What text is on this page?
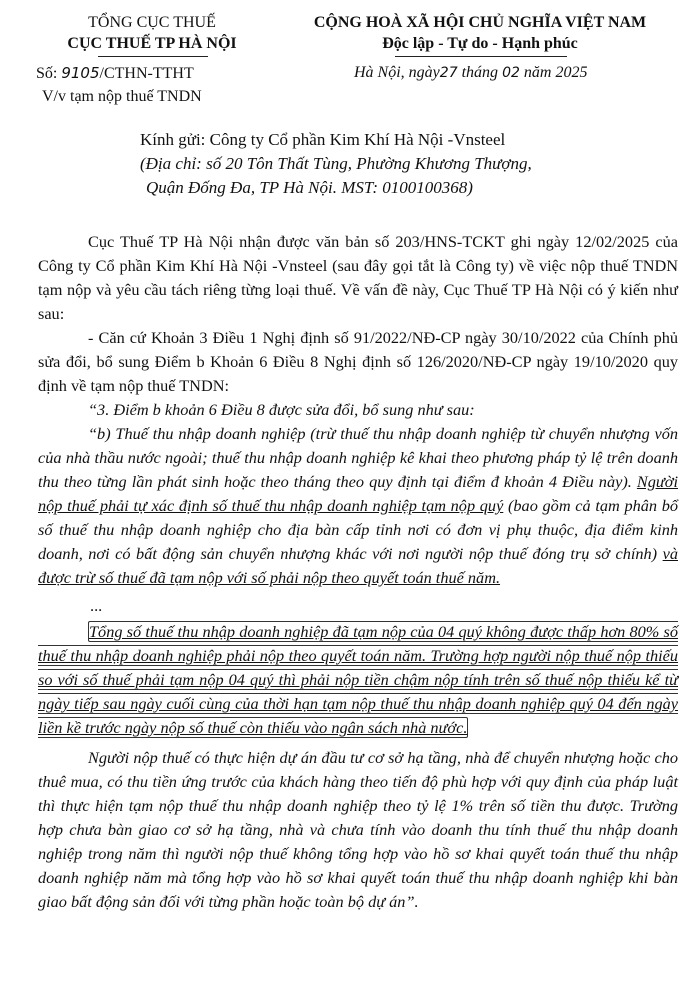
TỔNG CỤC THUẾ
CỤC THUẾ TP HÀ NỘI
Số: 9105/CTHN-TTHT
V/v tạm nộp thuế TNDN
CỘNG HOÀ XÃ HỘI CHỦ NGHĨA VIỆT NAM
Độc lập - Tự do - Hạnh phúc
Hà Nội, ngày27 tháng 02 năm 2025
Kính gửi: Công ty Cổ phần Kim Khí Hà Nội -Vnsteel
(Địa chỉ: số 20 Tôn Thất Tùng, Phường Khương Thượng,
Quận Đống Đa, TP Hà Nội. MST: 0100100368)

Cục Thuế TP Hà Nội nhận được văn bản số 203/HNS-TCKT ghi ngày 12/02/2025 của Công ty Cổ phần Kim Khí Hà Nội -Vnsteel (sau đây gọi tắt là Công ty) về việc nộp thuế TNDN tạm nộp và yêu cầu tách riêng từng loại thuế. Về vấn đề này, Cục Thuế TP Hà Nội có ý kiến như sau:

- Căn cứ Khoản 3 Điều 1 Nghị định số 91/2022/NĐ-CP ngày 30/10/2022 của Chính phủ sửa đổi, bổ sung Điểm b Khoản 6 Điều 8 Nghị định số 126/2020/NĐ-CP ngày 19/10/2020 quy định về tạm nộp thuế TNDN:

“3. Điểm b khoản 6 Điều 8 được sửa đổi, bổ sung như sau:

“b) Thuế thu nhập doanh nghiệp (trừ thuế thu nhập doanh nghiệp từ chuyển nhượng vốn của nhà thầu nước ngoài; thuế thu nhập doanh nghiệp kê khai theo phương pháp tỷ lệ trên doanh thu theo từng lần phát sinh hoặc theo tháng theo quy định tại điểm đ khoản 4 Điều này). Người nộp thuế phải tự xác định số thuế thu nhập doanh nghiệp tạm nộp quý (bao gồm cả tạm phân bổ số thuế thu nhập doanh nghiệp cho địa bàn cấp tỉnh nơi có đơn vị phụ thuộc, địa điểm kinh doanh, nơi có bất động sản chuyển nhượng khác với nơi người nộp thuế đóng trụ sở chính) và được trừ số thuế đã tạm nộp với số phải nộp theo quyết toán thuế năm.

...

Tổng số thuế thu nhập doanh nghiệp đã tạm nộp của 04 quý không được thấp hơn 80% số thuế thu nhập doanh nghiệp phải nộp theo quyết toán năm. Trường hợp người nộp thuế nộp thiếu so với số thuế phải tạm nộp 04 quý thì phải nộp tiền chậm nộp tính trên số thuế nộp thiếu kể từ ngày tiếp sau ngày cuối cùng của thời hạn tạm nộp thuế thu nhập doanh nghiệp quý 04 đến ngày liền kề trước ngày nộp số thuế còn thiếu vào ngân sách nhà nước.

Người nộp thuế có thực hiện dự án đầu tư cơ sở hạ tầng, nhà để chuyển nhượng hoặc cho thuê mua, có thu tiền ứng trước của khách hàng theo tiến độ phù hợp với quy định của pháp luật thì thực hiện tạm nộp thuế thu nhập doanh nghiệp theo tỷ lệ 1% trên số tiền thu được. Trường hợp chưa bàn giao cơ sở hạ tầng, nhà và chưa tính vào doanh thu tính thuế thu nhập doanh nghiệp trong năm thì người nộp thuế không tổng hợp vào hồ sơ khai quyết toán thuế thu nhập doanh nghiệp năm mà tổng hợp vào hồ sơ khai quyết toán thuế thu nhập doanh nghiệp khi bàn giao bất động sản đối với từng phần hoặc toàn bộ dự án”.
